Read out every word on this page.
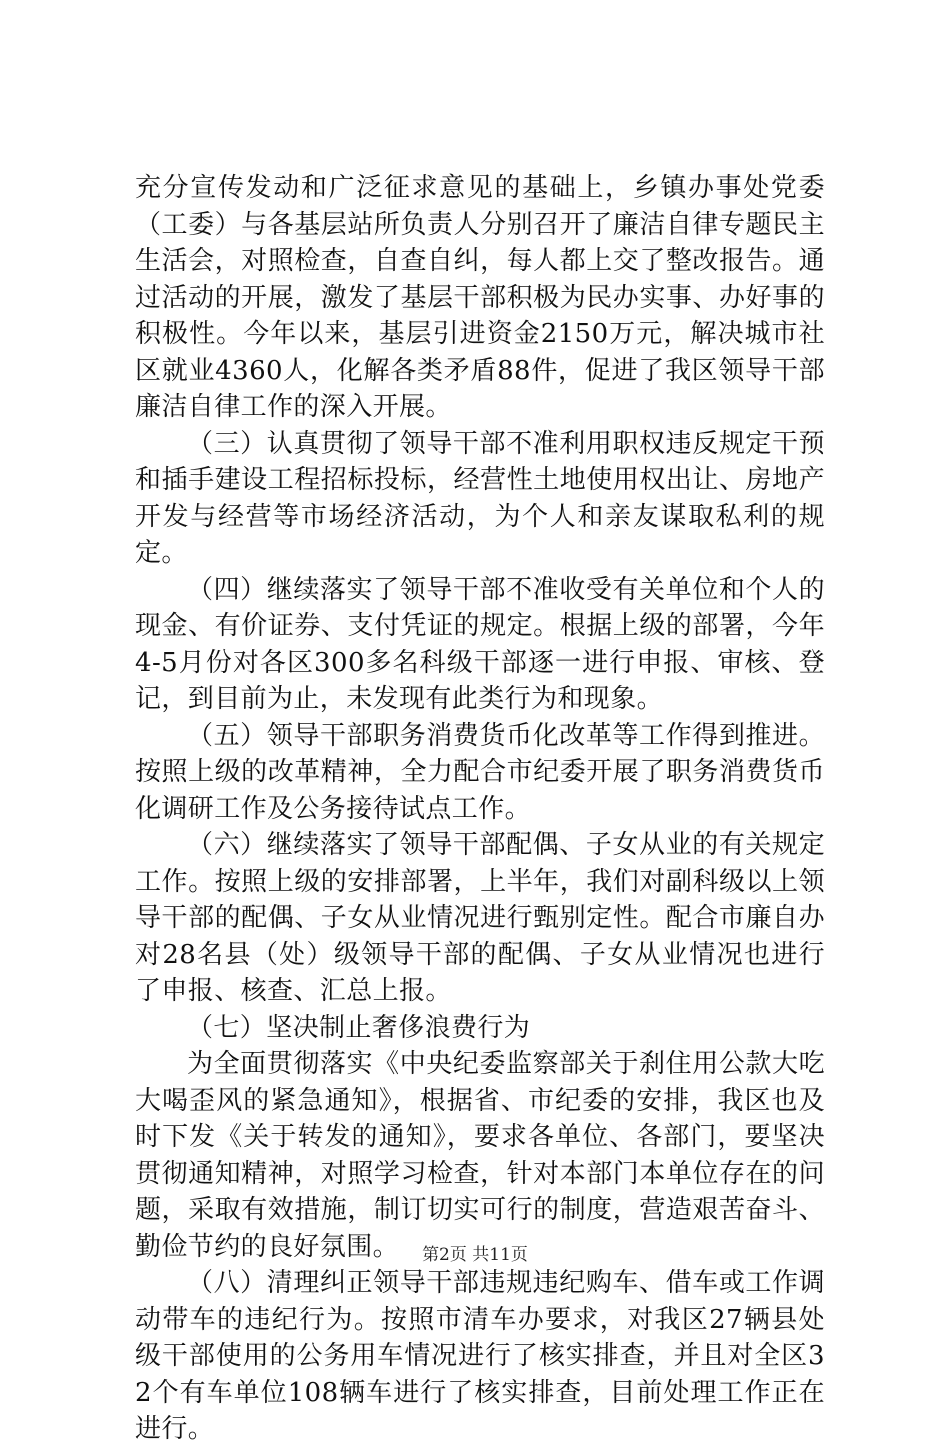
充分宣传发动和广泛征求意见的基础上，乡镇办事处党委（工委）与各基层站所负责人分别召开了廉洁自律专题民主生活会，对照检查，自查自纠，每人都上交了整改报告。通过活动的开展，激发了基层干部积极为民办实事、办好事的积极性。今年以来，基层引进资金2150万元，解决城市社区就业4360人，化解各类矛盾88件，促进了我区领导干部廉洁自律工作的深入开展。

（三）认真贯彻了领导干部不准利用职权违反规定干预和插手建设工程招标投标，经营性土地使用权出让、房地产开发与经营等市场经济活动，为个人和亲友谋取私利的规定。

（四）继续落实了领导干部不准收受有关单位和个人的现金、有价证券、支付凭证的规定。根据上级的部署，今年4-5月份对各区300多名科级干部逐一进行申报、审核、登记，到目前为止，未发现有此类行为和现象。

（五）领导干部职务消费货币化改革等工作得到推进。按照上级的改革精神，全力配合市纪委开展了职务消费货币化调研工作及公务接待试点工作。

（六）继续落实了领导干部配偶、子女从业的有关规定工作。按照上级的安排部署，上半年，我们对副科级以上领导干部的配偶、子女从业情况进行甄别定性。配合市廉自办对28名县（处）级领导干部的配偶、子女从业情况也进行了申报、核查、汇总上报。

（七）坚决制止奢侈浪费行为

为全面贯彻落实《中央纪委监察部关于刹住用公款大吃大喝歪风的紧急通知》，根据省、市纪委的安排，我区也及时下发《关于转发的通知》，要求各单位、各部门，要坚决贯彻通知精神，对照学习检查，针对本部门本单位存在的问题，采取有效措施，制订切实可行的制度，营造艰苦奋斗、勤俭节约的良好氛围。

（八）清理纠正领导干部违规违纪购车、借车或工作调动带车的违纪行为。按照市清车办要求，对我区27辆县处级干部使用的公务用车情况进行了核实排查，并且对全区32个有车单位108辆车进行了核实排查，目前处理工作正在进行。

第2页 共11页
